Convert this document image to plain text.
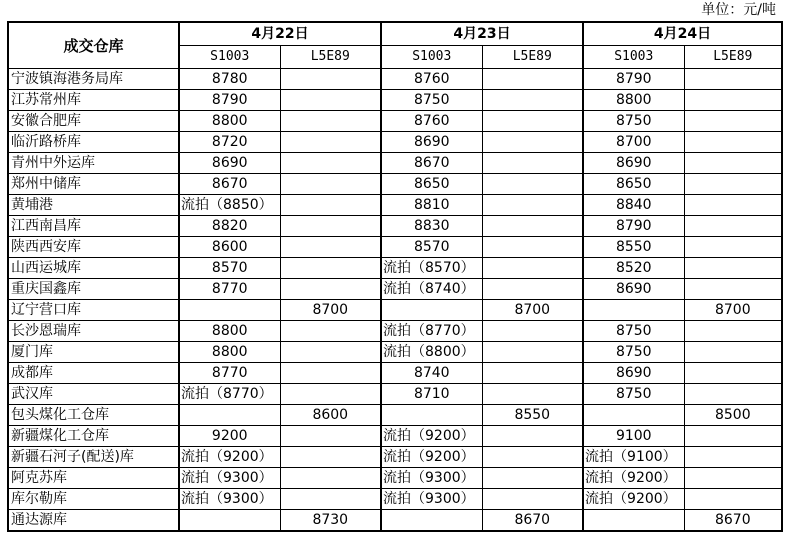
单位：元/吨
成交仓库	4月22日		4月23日		4月24日	
	S1003	L5E89	S1003	L5E89	S1003	L5E89
宁波镇海港务局库	8780		8760		8790	
江苏常州库	8790		8750		8800	
安徽合肥库	8800		8760		8750	
临沂路桥库	8720		8690		8700	
青州中外运库	8690		8670		8690	
郑州中储库	8670		8650		8650	
黄埔港	流拍（8850）		8810		8840	
江西南昌库	8820		8830		8790	
陕西西安库	8600		8570		8550	
山西运城库	8570		流拍（8570）		8520	
重庆国鑫库	8770		流拍（8740）		8690	
辽宁营口库		8700		8700		8700
长沙恩瑞库	8800		流拍（8770）		8750	
厦门库	8800		流拍（8800）		8750	
成都库	8770		8740		8690	
武汉库	流拍（8770）		8710		8750	
包头煤化工仓库		8600		8550		8500
新疆煤化工仓库	9200		流拍（9200）		9100	
新疆石河子(配送)库	流拍（9200）		流拍（9200）		流拍（9100）	
阿克苏库	流拍（9300）		流拍（9300）		流拍（9200）	
库尔勒库	流拍（9300）		流拍（9300）		流拍（9200）	
通达源库		8730		8670		8670
